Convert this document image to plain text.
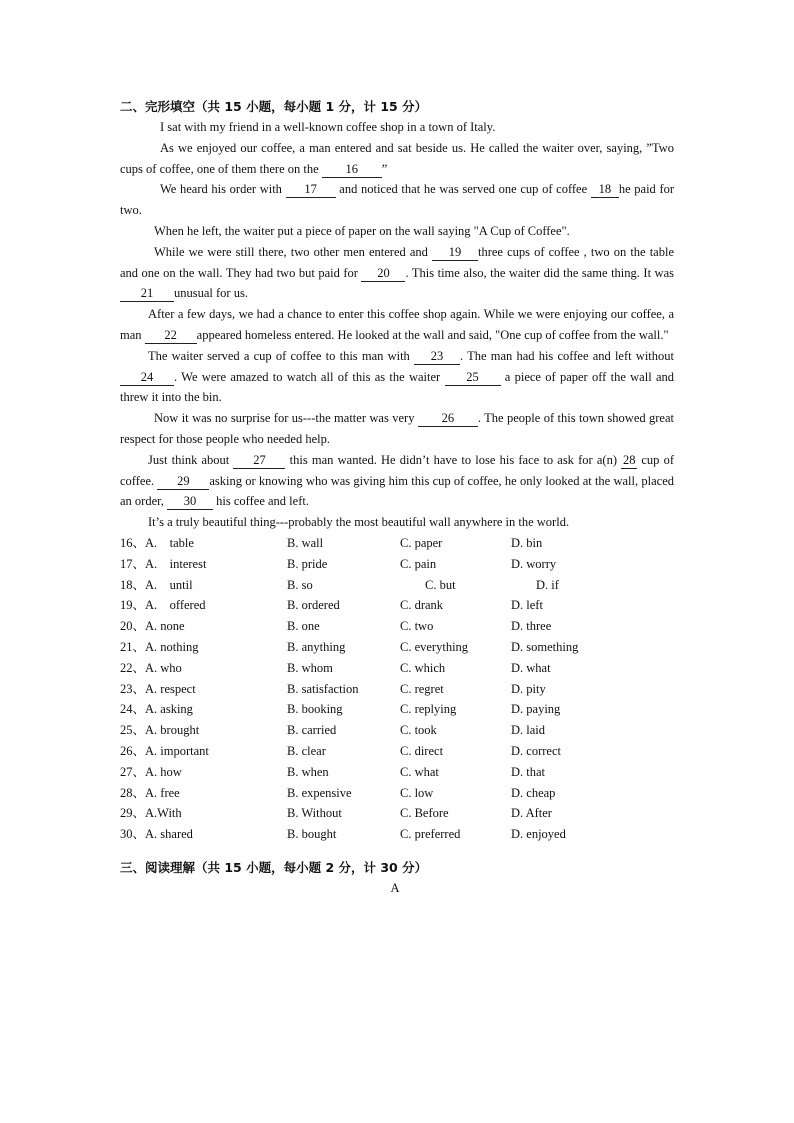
二、完形填空（共 15 小题，每小题 1 分，计 15 分）

I sat with my friend in a well-known coffee shop in a town of Italy.

As we enjoyed our coffee, a man entered and sat beside us. He called the waiter over, saying, ”Two cups of coffee, one of them there on the 16 ”

We heard his order with 17 and noticed that he was served one cup of coffee 18 he paid for two.

When he left, the waiter put a piece of paper on the wall saying "A Cup of Coffee".

While we were still there, two other men entered and 19 three cups of coffee , two on the table and one on the wall. They had two but paid for 20 . This time also, the waiter did the same thing. It was 21 unusual for us.

After a few days, we had a chance to enter this coffee shop again. While we were enjoying our coffee, a man 22 appeared homeless entered. He looked at the wall and said, "One cup of coffee from the wall."

The waiter served a cup of coffee to this man with 23 . The man had his coffee and left without 24 . We were amazed to watch all of this as the waiter 25 a piece of paper off the wall and threw it into the bin.

Now it was no surprise for us---the matter was very 26 . The people of this town showed great respect for those people who needed help.

Just think about 27 this man wanted. He didn’t have to lose his face to ask for a(n) 28 cup of coffee. 29 asking or knowing who was giving him this cup of coffee, he only looked at the wall, placed an order, 30 his coffee and left.

It’s a truly beautiful thing---probably the most beautiful wall anywhere in the world.

16、A.　table	B. wall	C. paper	D. bin
17、A.　interest	B. pride	C. pain	D. worry
18、A.　until	B. so	　　C. but	　　D. if
19、A.　offered	B. ordered	C. drank	D. left
20、A. none	B. one	C. two	D. three
21、A. nothing	B. anything	C. everything	D. something
22、A. who	B. whom	C. which	D. what
23、A. respect	B. satisfaction	C. regret	D. pity
24、A. asking	B. booking	C. replying	D. paying
25、A. brought	B. carried	C. took	D. laid
26、A. important	B. clear	C. direct	D. correct
27、A. how	B. when	C. what	D. that
28、A. free	B. expensive	C. low	D. cheap
29、A.With	B. Without	C. Before	D. After
30、A. shared	B. bought	C. preferred	D. enjoyed
三、阅读理解（共 15 小题，每小题 2 分，计 30 分）
A
